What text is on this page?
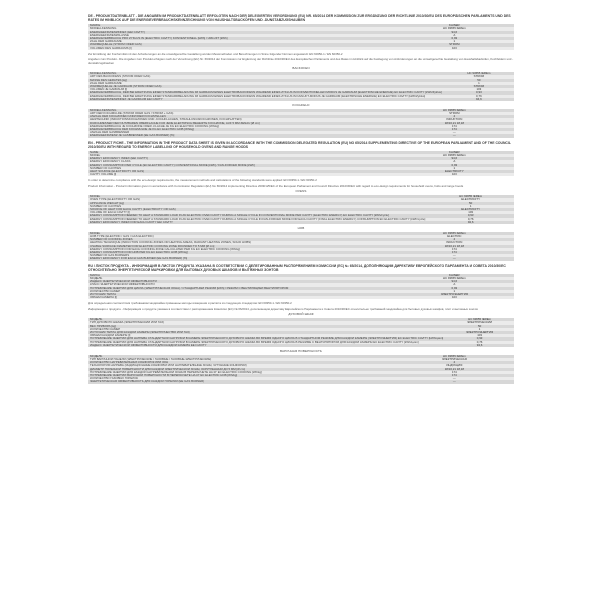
DE - PRODUKTDATENBLATT - DIE ANGABEN IM PRODUKTDATENBLATT ERFOLGTEN NACH DER DELEGIERTEN VERORDNUNG (EU) NR. 65/2014 DER KOMMISSION ZUR ERGÄNZUNG DER RICHTLINIE 2010/30/EU DES EUROPÄISCHEN PARLAMENTS UND DES RATES IM HINBLICK AUF DIE ENERGIEVERBRAUCHSKENNZEICHNUNG VON HAUSHALTSBACKÖFEN UND -DUNSTABZUGSHAUBEN
MARKE	KAISER
MODELLKENNUNG	HC 93655 IEREm
ENERGIEEFFIZIENZINDEX (EEI CAVITY)	94,6
ENERGIEEFFIZIENZKLASSE	A
ENERGIEVERBRAUCH PRO ZYKLUS IN (ELECTRIC CAVITY) KONVENTIONELL [kWh] / UMLUFT [kWh]	0,93
ZAHL DER GARRÄUME	1
WÄRMEQUELLE (STROM ODER GAS)	STROM
VOLUMEN DES GARRAUMS [l]	103
Zur Ermittlung der Konformität mit den Anforderungen an die umweltgerechte Gestaltung wurden Messmethoden und Berechnungen in Sinne folgender Normen angewandt: EN 60350-1 / EN 60350-2
Angaben zum Produkt - Die Angaben zum Produkt erfolgten nach der Verordnung (EU) Nr. 66/2014 der Kommission zur Ergänzung der Richtlinie 2010/30/EU des Europäischen Parlaments und des Rates im Hinblick auf die Festlegung von Anforderungen an die umweltgerechte Gestaltung von Haushaltsbacköfen, Kochfeldern und -dunstabzugshauben
BACKOFEN
MODELLKENNUNG	HC 93655 IEREm
ART DES BACKOFENS (STROM ODER GAS)	STROM
MASSE DES GERÄTES [kg]	50
ZAHL DER GARRÄUME	1
WÄRMEQUELLE JE GARRAUM (STROM ODER GAS)	STROM
VOLUMEN JE GARRAUM [l]	103
ENERGIEVERBRAUCH, DER BEI ERHITZUNG EINER STANDARDBELADUNG IM GARRAUM EINES ELEKTROBACKOFENS WÄHREND EINES ZYKLUS IM KONVENTIONELLEN MODUS JE GARRAUM (ELEKTRISCHE ENERGIE) EC ELECTRIC CAVITY [kWh/Zyklus]	0,93
ENERGIEVERBRAUCH, DER BEI ERHITZUNG EINER STANDARDBELADUNG IM GARRAUM EINES ELEKTROBACKOFENS WÄHREND EINES ZYKLUS IM UMLUFT-MODUS JE GARRAUM (ELEKTRISCHE ENERGIE) EC ELECTRIC CAVITY [kWh/Zyklus]	0,76
ENERGIEEFFIZIENZINDEX JE GARRAUM EEI CAVITY	94,6
KOCHFELD
MODELLKENNUNG	HC 93655 IEREm
ART DER KOCHMULDE (STROM ODER GAS / STROM + GAS)	STROM
ANZAHL DER KOCHZONEN UND/ODER KOCHSTELLEN	4
HEIZTECHNIK (INDUKTIONSKOCHZONEN UND -KOCHFLÄCHEN, STRAHLUNGSKOCHZONEN, KOCHPLATTEN)	INDUKTION
DURCHMESSER DER NUTZBAREN OBERFLÄCHE FÜR JEDE ELEKTRISCH BEHEIZTE KOCHZONE, AUF 5 MM ZENAU [Ø cm]	18/16,21 18,18
ENERGIEVERBRAUCH JE KOCHZONE ODER -FLÄCHE JE KG EC ELECTRIC COOKING [Wh/kg]	174
ENERGIEVERBRAUCH DER KOCHMULDE JE KG EC ELECTRIC HOB [Wh/kg]	174
ANZAHL DER GASBRENNER	—
ENERGIEEFFIZIENZ JE GASBRENNER (EE GAS BURNER) [%]	—
EN - PRODUCT FICHE - THE INFORMATION IN THE PRODUCT DATA SHEET IS GIVEN IN ACCORDANCE WITH THE COMMISSION DELEGATED REGULATION (EU) NO 65/2014 SUPPLEMENTING DIRECTIVE OF THE EUROPEAN PARLIAMENT AND OF THE COUNCIL 2010/30/EU WITH REGARD TO ENERGY LABELLING OF HOUSEHOLD OVENS AND RANGE HOODS
NAME	KAISER
MODEL	HC 93655 IEREm
ENERGY EFFICIENCY INDEX (EEI CAVITY)	94,6
ENERGY EFFICIENCY CLASS	A
ENERGY CONSUMPTION PER CYCLE (EC ELECTRIC CAVITY) CONVENTIONAL MODE [kWh] / FAN-FORCED MODE [kWh]	0,93
NUMBER OF CAVITIES	1
HEAT SOURCE (ELECTRICITY OR GAS)	ELECTRICITY
CAVITY VOLUME [l]	103
In order to determine compliance with the eco-design requirements, the measurement methods and calculations of the following standards were applied: EN 60350-1 / EN 60350-2
Product Information - Product information given in accordance with Commission Regulation (EU) No 66/2014 implementing Directive 2009/125/EC of the European Parliament and Council Directive 2010/30/EU with regard to eco-design requirements for household ovens, hobs and range hoods
OVENS
MODEL	HC 93655 IEREm
OVEN TYPE (ELECTRICITY OR GAS)	ELECTRICITY
APPLIANCE WEIGHT [kg]	50
NUMBER OF CAVITIES	1
SOURCE OF HEAT FOR EACH CAVITY (ELECTRICITY OR GAS)	ELECTRICITY
VOLUME OF EACH CAVITY [l]	103
ENERGY CONSUMPTION NEEDED TO HEAT A STANDARD LOAD IN AN ELECTRIC OVEN CAVITY DURING A SINGLE CYCLE IN CONVENTIONAL MODE PER CAVITY (ELECTRIC ENERGY) EC ELECTRIC CAVITY [kWh/cycle]	0,93
ENERGY CONSUMPTION NEEDED TO HEAT A STANDARD LOAD IN AN ELECTRIC OVEN CAVITY DURING A SINGLE CYCLE IN FAN-FORCED MODE FOR EACH CAVITY (FINAL ELECTRIC ENERGY) CONSUMPTION EC ELECTRIC CAVITY [kWh/cycle]	0,76
ENERGY EFFICIENCY INDEX FOR EACH CAVITY EEI CAVITY	94,6
HOB
MODEL	HC 93655 IEREm
HOB TYPE (ELECTRIC / GAS / GAS ELECTRIC)	ELECTRIC
NUMBER OF COOKING ZONES	4
HEATING TECHNIQUE (INDUCTION COOKING ZONES OR HEATING AREAS, RADIANT HEATING ZONES, SOLID HOBS)	INDUCTION
USABLE SURFACE DIAMETER FOR ELECTRIC COOKING ZONE ROUNDED TO 5 MM [Ø cm]	18/16,21 18,18
ENERGY CONSUMPTION FOR EACH COOKING ZONE CALCULATED PER KG EC ELECTRIC COOKING [Wh/kg]	174
ENERGY CONSUMPTION FOR HOB PER KG EC ELECTRIC HOB [Wh/kg]	174
NUMBER OF GAS BURNERS	—
ENERGY EFFICIENCY FOR EACH GAS BURNER (EE GAS BURNER) [%]	—
RU / ЛИСТОК ПРОДУКТА - ИНФОРМАЦИЯ В ЛИСТОК ПРОДУКТА УКАЗАНА В СООТВЕТСТВИИ С ДЕЛЕГИРОВАННЫМ РАСПОРЯЖЕНИЕМ КОМИССИИ (ЕС) № 65/2014, ДОПОЛНЯЮЩИМ ДИРЕКТИВУ ЕВРОПЕЙСКОГО ПАРЛАМЕНТА И СОВЕТА 2010/30/ЕС ОТНОСИТЕЛЬНО ЭНЕРГЕТИЧЕСКОЙ МАРКИРОВКИ ДЛЯ БЫТОВЫХ ДУХОВЫХ ШКАФОВ И ВЫТЯЖНЫХ ЗОНТОВ
МАРКА	KAISER
МОДЕЛЬ	HC 93655 IEREm
ИНДЕКС ЭНЕРГЕТИЧЕСКОЙ ЭФФЕКТИВНОСТИ	94,6
КЛАСС ЭНЕРГЕТИЧЕСКОЙ ЭФФЕКТИВНОСТИ	A
ПОТРЕБЛЕНИЕ ЭНЕРГИИ ДЛЯ ЦИКЛА (ЭЛЕКТРИЧЕСКАЯ ЗОНА) / СТАНДАРТНЫЙ РЕЖИМ [kWh] / РЕЖИМ С ВЕНТИЛЯЦИЕЙ ВЕНТИЛЯТОРОМ	0,93
КОЛИЧЕСТВО КАМЕР	1
ИСТОЧНИК ТЕПЛА	ЭЛЕКТРОЭНЕРГИЯ
ОБЪЁМ КАМЕРЫ [l]	103
Для определения соответствия требованиям экодизайна применены методы измерения и расчёта из следующих стандартов: EN 60350-1 / EN 60350-2
Информация о продукте - Информация о продукте указана в соответствии с распоряжением Комиссии (ЕС) № 66/2014, дополняющим директиву Европейского Парламента и Совета 2010/30/ЕС относительно требований экодизайна для бытовых духовых шкафов, плит и вытяжных зонтов
ДУХОВОЙ ШКАФ
МОДЕЛЬ	HC 93655 IEREm
ТИП ДУХОВОГО ШКАФА (ЭЛЕКТРИЧЕСКИЙ ИЛИ ГАЗ)	ЭЛЕКТРИЧЕСКИЙ
ВЕС ПРИБОРА [kg]	50
КОЛИЧЕСТВО КАМЕР	1
ИСТОЧНИК ТЕПЛА ДЛЯ КАЖДОЙ КАМЕРЫ (ЭЛЕКТРИЧЕСТВО ИЛИ ГАЗ)	ЭЛЕКТРОЭНЕРГИЯ
ОБЪЁМ КАЖДОЙ КАМЕРЫ [l]	103
ПОТРЕБЛЕНИЕ ЭНЕРГИИ ДЛЯ НАГРЕВА СТАНДАРТНОЙ НАГРУЗКИ В КАМЕРЕ ЭЛЕКТРИЧЕСКОГО ДУХОВОГО ШКАФА ВО ВРЕМЯ ОДНОГО ЦИКЛА В СТАНДАРТНОМ РЕЖИМЕ ДЛЯ КАЖДОЙ КАМЕРЫ (ЭЛЕКТРОЭНЕРГИЯ) EC ELECTRIC CAVITY [kWh/цикл]	0,93
ПОТРЕБЛЕНИЕ ЭНЕРГИИ ДЛЯ НАГРЕВА СТАНДАРТНОЙ НАГРУЗКИ В КАМЕРЕ ЭЛЕКТРИЧЕСКОГО ДУХОВОГО ШКАФА ВО ВРЕМЯ ОДНОГО ЦИКЛА В РЕЖИМЕ С ВЕНТИЛЯТОРОМ ДЛЯ КАЖДОЙ КАМЕРЫ EC ELECTRIC CAVITY [kWh/цикл]	0,76
ИНДЕКС ЭНЕРГЕТИЧЕСКОЙ ЭФФЕКТИВНОСТИ ДЛЯ КАЖДОЙ КАМЕРЫ EEI CAVITY	94,6
ВАРОЧНАЯ ПОВЕРХНОСТЬ
МОДЕЛЬ	HC 93655 IEREm
ТИП ВАРОЧНОЙ ПАНЕЛИ (ЭЛЕКТРИЧЕСКИЕ / ГАЗОВЫЕ / ГАЗОВЫЕ-ЭЛЕКТРИЧЕСКИЕ)	ЭЛЕКТРИЧЕСКАЯ
КОЛИЧЕСТВО НАГРЕВАТЕЛЬНЫХ КОНФОРОК ИЛИ ЗОН	4
ТЕХНОЛОГИЯ НАГРЕВА (ИНДУКЦИОННЫЕ КОНФОРКИ ИЛИ НАГРЕВАТЕЛЬНЫЕ ЗОНЫ, ЧУГУННЫЕ КОНФОРКИ)	ИНДУКЦИЯ
ДИАМЕТР ПОЛЕЗНОЙ ПОВЕРХНОСТИ ДЛЯ КАЖДОЙ ЭЛЕКТРИЧЕСКОЙ ЗОНЫ, ОКРУГЛЁННЫЙ ДО 5 ММ [Ø cm]	18/16,21 18,18
ПОТРЕБЛЕНИЕ ЭНЕРГИИ ДЛЯ КАЖДОЙ НАГРЕВАТЕЛЬНОЙ ЗОНЫ В ПЕРЕРАСЧЁТЕ НА КГ EC ELECTRIC COOKING [Wh/kg]	174
ПОТРЕБЛЕНИЕ ЭНЕРГИИ ВАРОЧНОЙ ПОВЕРХНОСТИ В ПЕРЕРАСЧЁТЕ НА КГ EC ELECTRIC HOB [Wh/kg]	174
КОЛИЧЕСТВО ГАЗОВЫХ ГОРЕЛОК	—
ЭНЕРГЕТИЧЕСКАЯ ЭФФЕКТИВНОСТЬ ДЛЯ КАЖДОЙ ГОРЕЛКИ (EE GAS BURNER)	—
